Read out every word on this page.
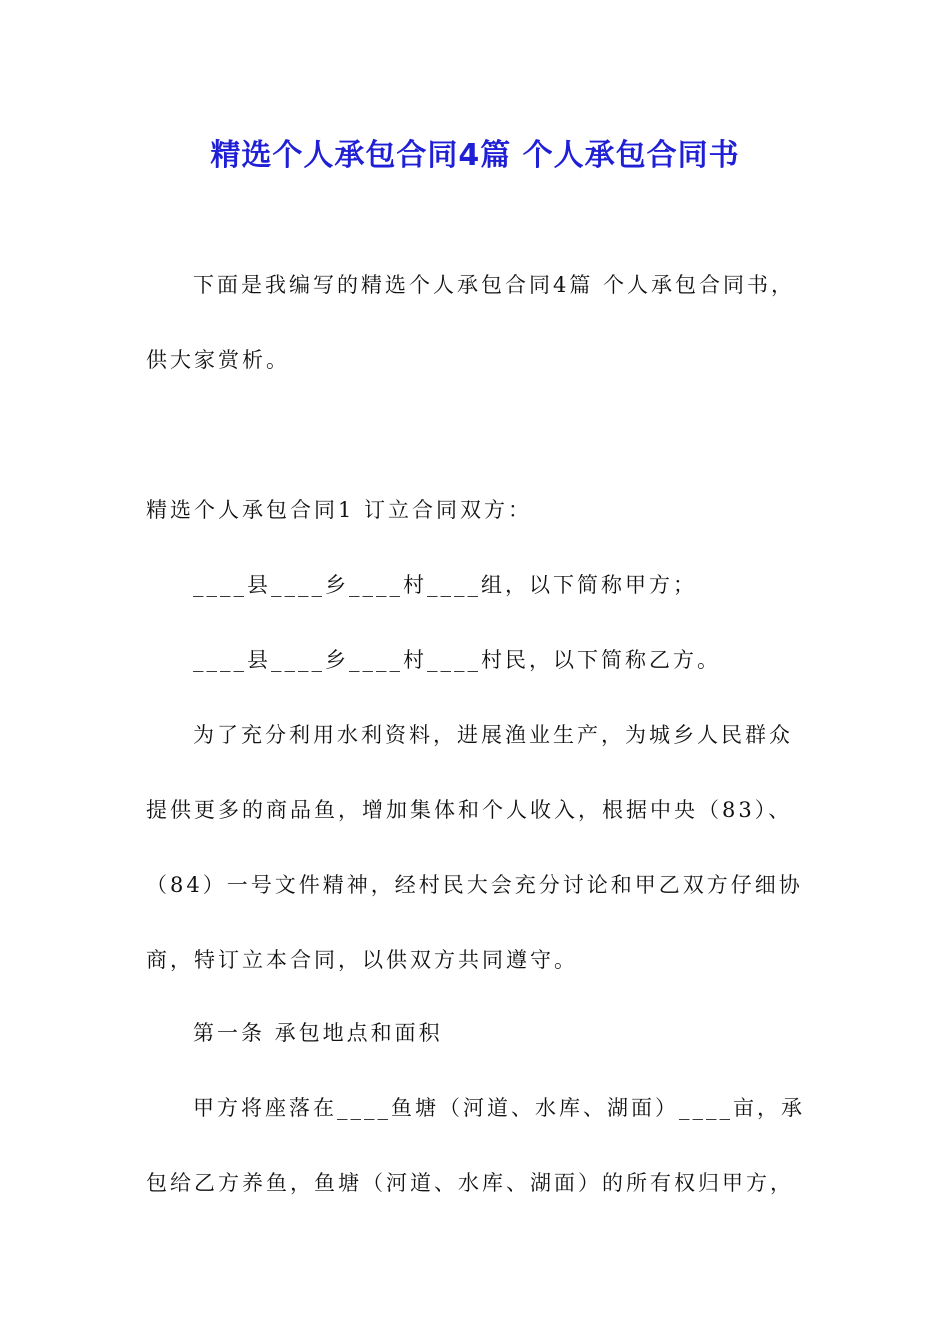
精选个人承包合同4篇 个人承包合同书
下面是我编写的精选个人承包合同4篇 个人承包合同书，
供大家赏析。
精选个人承包合同1 订立合同双方：
____县____乡____村____组，以下简称甲方；
____县____乡____村____村民，以下简称乙方。
为了充分利用水利资料，进展渔业生产，为城乡人民群众
提供更多的商品鱼，增加集体和个人收入，根据中央（83）、
（84）一号文件精神，经村民大会充分讨论和甲乙双方仔细协
商，特订立本合同，以供双方共同遵守。
第一条 承包地点和面积
甲方将座落在____鱼塘（河道、水库、湖面）____亩，承
包给乙方养鱼，鱼塘（河道、水库、湖面）的所有权归甲方，
